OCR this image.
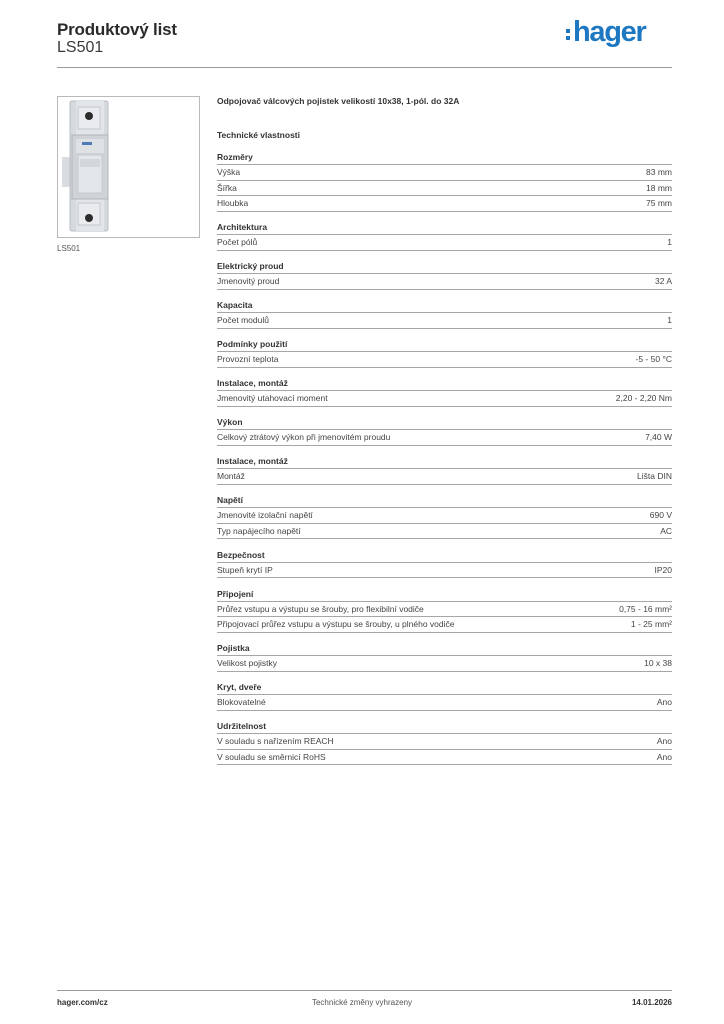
Produktový list
LS501	hager
LS501
Odpojovač válcových pojistek velikostí 10x38, 1-pól. do 32A
Technické vlastnosti
Rozměry
Výška	83 mm
Šířka	18 mm
Hloubka	75 mm
Architektura
Počet pólů	1
Elektrický proud
Jmenovitý proud	32 A
Kapacita
Počet modulů	1
Podmínky použití
Provozní teplota	-5 - 50 °C
Instalace, montáž
Jmenovitý utahovací moment	2,20 - 2,20 Nm
Výkon
Celkový ztrátový výkon při jmenovitém proudu	7,40 W
Instalace, montáž
Montáž	Lišta DIN
Napětí
Jmenovité izolační napětí	690 V
Typ napájecího napětí	AC
Bezpečnost
Stupeň krytí IP	IP20
Připojení
Průřez vstupu a výstupu se šrouby, pro flexibilní vodiče	0,75 - 16 mm²
Připojovací průřez vstupu a výstupu se šrouby, u plného vodiče	1 - 25 mm²
Pojistka
Velikost pojistky	10 x 38
Kryt, dveře
Blokovatelné	Ano
Udržitelnost
V souladu s nařízením REACH	Ano
V souladu se směrnicí RoHS	Ano
hager.com/cz	Technické změny vyhrazeny	14.01.2026
